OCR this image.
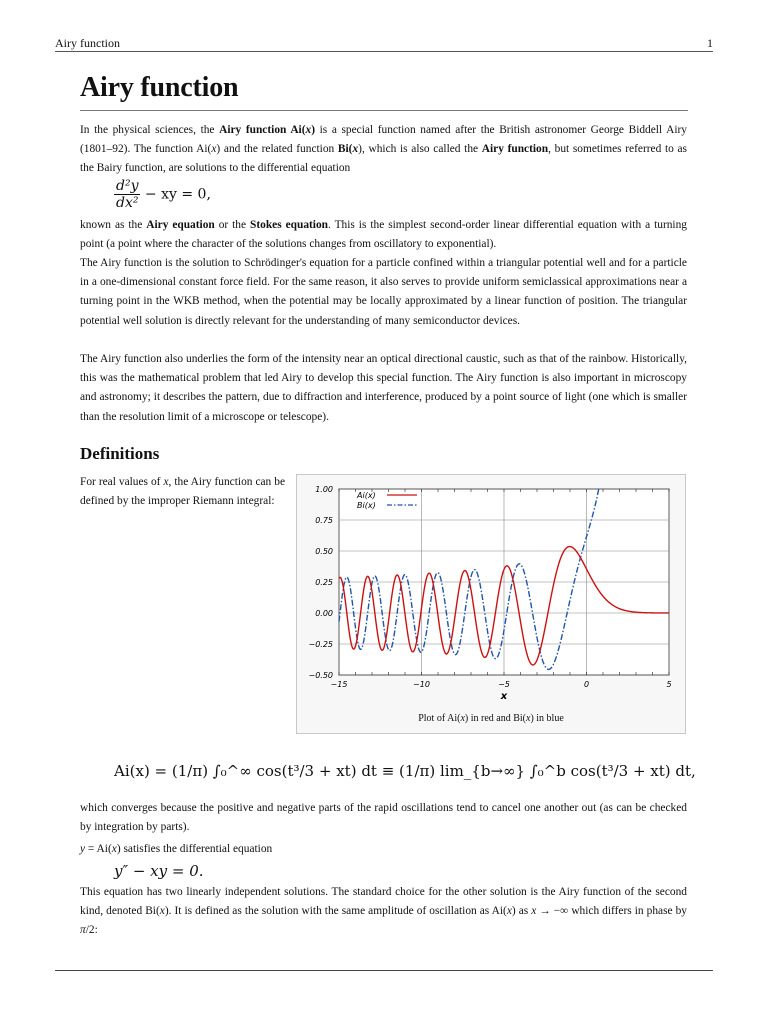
Airy function	1
Airy function
In the physical sciences, the Airy function Ai(x) is a special function named after the British astronomer George Biddell Airy (1801–92). The function Ai(x) and the related function Bi(x), which is also called the Airy function, but sometimes referred to as the Bairy function, are solutions to the differential equation
$\frac{\text{d²y}}{\text{dx²}}$ − xy = 0,
known as the Airy equation or the Stokes equation. This is the simplest second-order linear differential equation with a turning point (a point where the character of the solutions changes from oscillatory to exponential).
The Airy function is the solution to Schrödinger's equation for a particle confined within a triangular potential well and for a particle in a one-dimensional constant force field. For the same reason, it also serves to provide uniform semiclassical approximations near a turning point in the WKB method, when the potential may be locally approximated by a linear function of position. The triangular potential well solution is directly relevant for the understanding of many semiconductor devices.
The Airy function also underlies the form of the intensity near an optical directional caustic, such as that of the rainbow. Historically, this was the mathematical problem that led Airy to develop this special function. The Airy function is also important in microscopy and astronomy; it describes the pattern, due to diffraction and interference, produced by a point source of light (one which is smaller than the resolution limit of a microscope or telescope).
Definitions
For real values of x, the Airy function can be defined by the improper Riemann integral:
−15	−10	−5	0	5
1.00
0.75
0.50
0.25
0.00
−0.25
−0.50
x
Ai(x)
Bi(x)
Plot of Ai(x) in red and Bi(x) in blue
Ai(x) = (1/π) ∫₀^∞ cos(t³/3 + xt) dt ≡ (1/π) lim_{b→∞} ∫₀^b cos(t³/3 + xt) dt,
which converges because the positive and negative parts of the rapid oscillations tend to cancel one another out (as can be checked by integration by parts).
y = Ai(x) satisfies the differential equation
y″ − xy = 0.
This equation has two linearly independent solutions. The standard choice for the other solution is the Airy function of the second kind, denoted Bi(x). It is defined as the solution with the same amplitude of oscillation as Ai(x) as x → −∞ which differs in phase by π/2:
